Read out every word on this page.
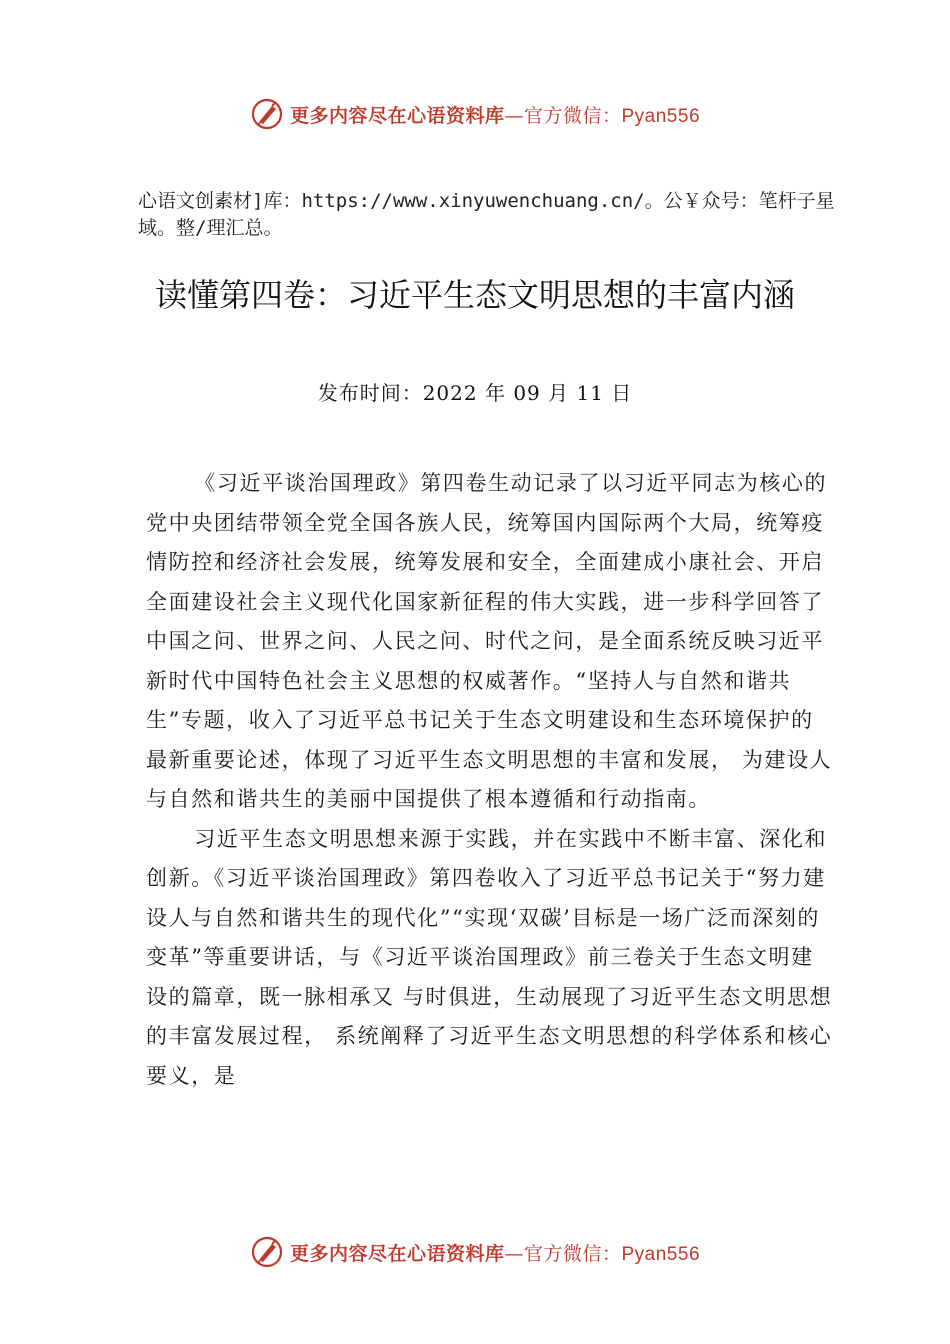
更多内容尽在心语资料库—官方微信：Pyan556
心语文创素材]库：https://www.xinyuwenchuang.cn/。公￥众号：笔杆子星域。整/理汇总。
读懂第四卷：习近平生态文明思想的丰富内涵
发布时间：2022 年 09 月 11 日

《习近平谈治国理政》第四卷生动记录了以习近平同志为核心的党中央团结带领全党全国各族人民，统筹国内国际两个大局，统筹疫情防控和经济社会发展，统筹发展和安全，全面建成小康社会、开启全面建设社会主义现代化国家新征程的伟大实践，进一步科学回答了中国之问、世界之问、人民之问、时代之问，是全面系统反映习近平新时代中国特色社会主义思想的权威著作。“坚持人与自然和谐共生”专题，收入了习近平总书记关于生态文明建设和生态环境保护的最新重要论述，体现了习近平生态文明思想的丰富和发展， 为建设人与自然和谐共生的美丽中国提供了根本遵循和行动指南。

习近平生态文明思想来源于实践，并在实践中不断丰富、深化和创新。《习近平谈治国理政》第四卷收入了习近平总书记关于“努力建设人与自然和谐共生的现代化”“实现‘双碳’目标是一场广泛而深刻的变革”等重要讲话，与《习近平谈治国理政》前三卷关于生态文明建设的篇章，既一脉相承又 与时俱进，生动展现了习近平生态文明思想的丰富发展过程， 系统阐释了习近平生态文明思想的科学体系和核心要义，是

更多内容尽在心语资料库—官方微信：Pyan556
